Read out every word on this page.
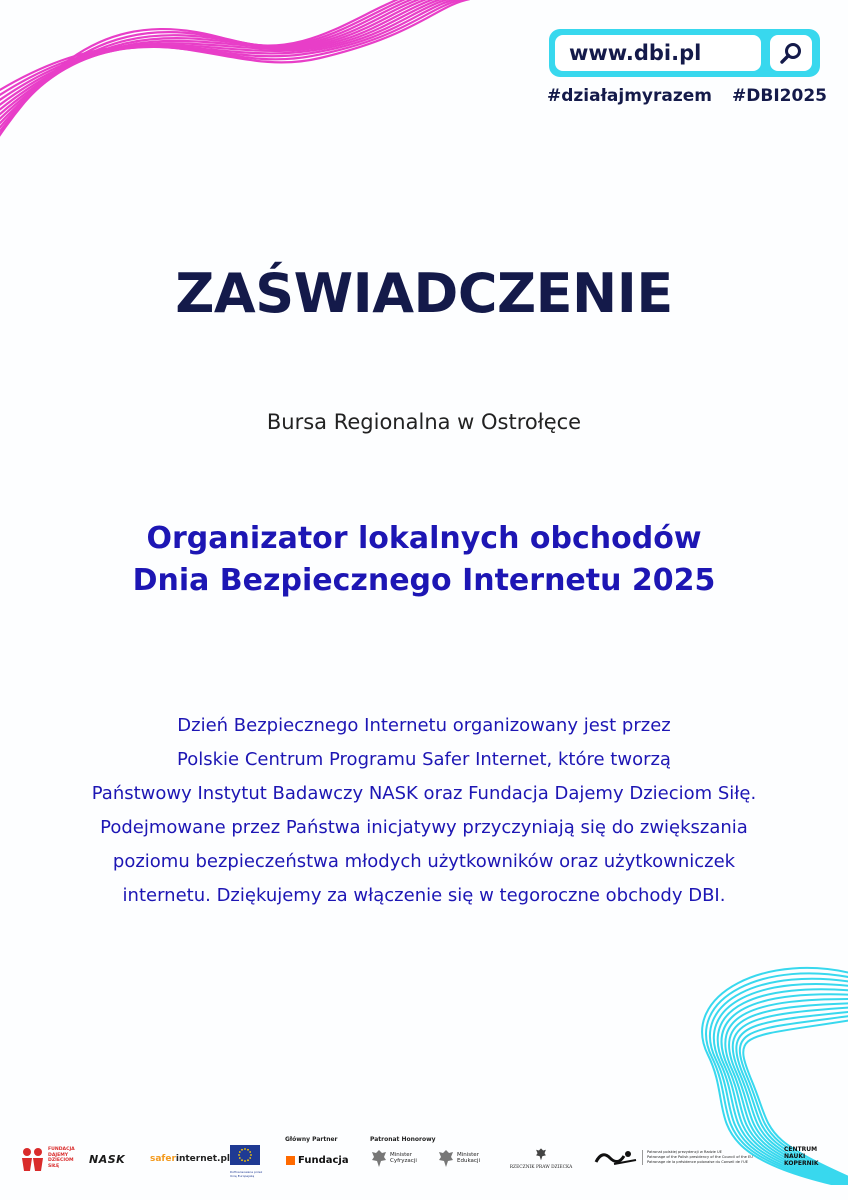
www.dbi.pl
#działajmyrazem #DBI2025
ZAŚWIADCZENIE
Bursa Regionalna w Ostrołęce
Organizator lokalnych obchodów
Dnia Bezpiecznego Internetu 2025
Dzień Bezpiecznego Internetu organizowany jest przez
Polskie Centrum Programu Safer Internet, które tworzą
Państwowy Instytut Badawczy NASK oraz Fundacja Dajemy Dzieciom Siłę.
Podejmowane przez Państwa inicjatywy przyczyniają się do zwiększania
poziomu bezpieczeństwa młodych użytkowników oraz użytkowniczek
internetu. Dziękujemy za włączenie się w tegoroczne obchody DBI.
FUNDACJA
DAJEMY
DZIECIOM
SIŁĘ	NASK	saferinternet.pl
Dofinansowane przez Unię Europejską
Główny Partner
Fundacja
Patronat Honorowy
Minister
Cyfryzacji
Minister
Edukacji
RZECZNIK PRAW DZIECKA
Patronat polskiej prezydencji w Radzie UE
Patronage of the Polish presidency of the Council of the EU
Patronage de la présidence polonaise du Conseil de l'UE
CENTRUM
NAUKI
KOPERNIK
